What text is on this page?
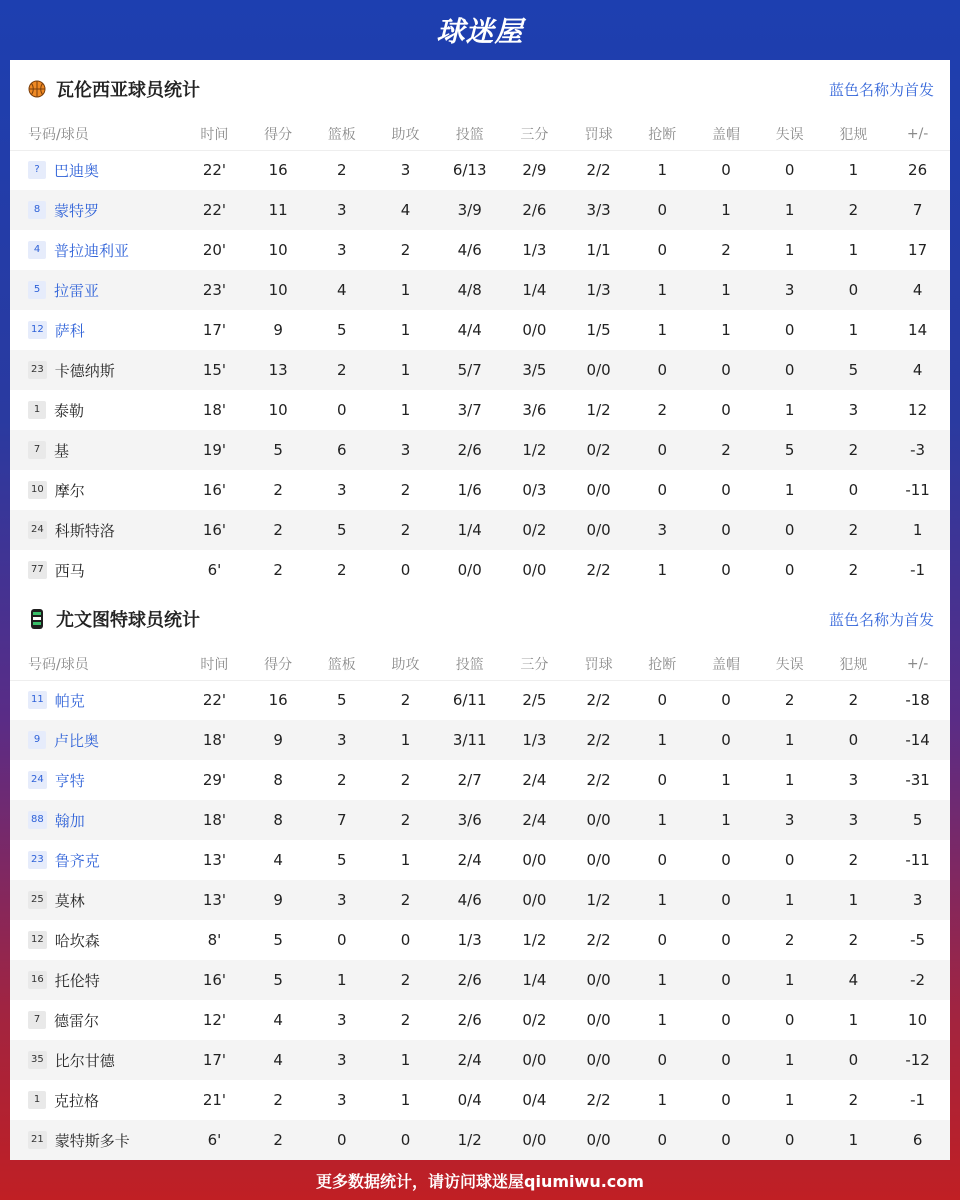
球迷屋
瓦伦西亚球员统计	蓝色名称为首发
号码/球员	时间	得分	篮板	助攻	投篮	三分	罚球	抢断	盖帽	失误	犯规	+/-
? 巴迪奥	22'	16	2	3	6/13	2/9	2/2	1	0	0	1	26
8 蒙特罗	22'	11	3	4	3/9	2/6	3/3	0	1	1	2	7
4 普拉迪利亚	20'	10	3	2	4/6	1/3	1/1	0	2	1	1	17
5 拉雷亚	23'	10	4	1	4/8	1/4	1/3	1	1	3	0	4
12 萨科	17'	9	5	1	4/4	0/0	1/5	1	1	0	1	14
23 卡德纳斯	15'	13	2	1	5/7	3/5	0/0	0	0	0	5	4
1 泰勒	18'	10	0	1	3/7	3/6	1/2	2	0	1	3	12
7 基	19'	5	6	3	2/6	1/2	0/2	0	2	5	2	-3
10 摩尔	16'	2	3	2	1/6	0/3	0/0	0	0	1	0	-11
24 科斯特洛	16'	2	5	2	1/4	0/2	0/0	3	0	0	2	1
77 西马	6'	2	2	0	0/0	0/0	2/2	1	0	0	2	-1
尤文图特球员统计	蓝色名称为首发
号码/球员	时间	得分	篮板	助攻	投篮	三分	罚球	抢断	盖帽	失误	犯规	+/-
11 帕克	22'	16	5	2	6/11	2/5	2/2	0	0	2	2	-18
9 卢比奥	18'	9	3	1	3/11	1/3	2/2	1	0	1	0	-14
24 亨特	29'	8	2	2	2/7	2/4	2/2	0	1	1	3	-31
88 翰加	18'	8	7	2	3/6	2/4	0/0	1	1	3	3	5
23 鲁齐克	13'	4	5	1	2/4	0/0	0/0	0	0	0	2	-11
25 莫林	13'	9	3	2	4/6	0/0	1/2	1	0	1	1	3
12 哈坎森	8'	5	0	0	1/3	1/2	2/2	0	0	2	2	-5
16 托伦特	16'	5	1	2	2/6	1/4	0/0	1	0	1	4	-2
7 德雷尔	12'	4	3	2	2/6	0/2	0/0	1	0	0	1	10
35 比尔甘德	17'	4	3	1	2/4	0/0	0/0	0	0	1	0	-12
1 克拉格	21'	2	3	1	0/4	0/4	2/2	1	0	1	2	-1
21 蒙特斯多卡	6'	2	0	0	1/2	0/0	0/0	0	0	0	1	6
更多数据统计，请访问球迷屋qiumiwu.com
